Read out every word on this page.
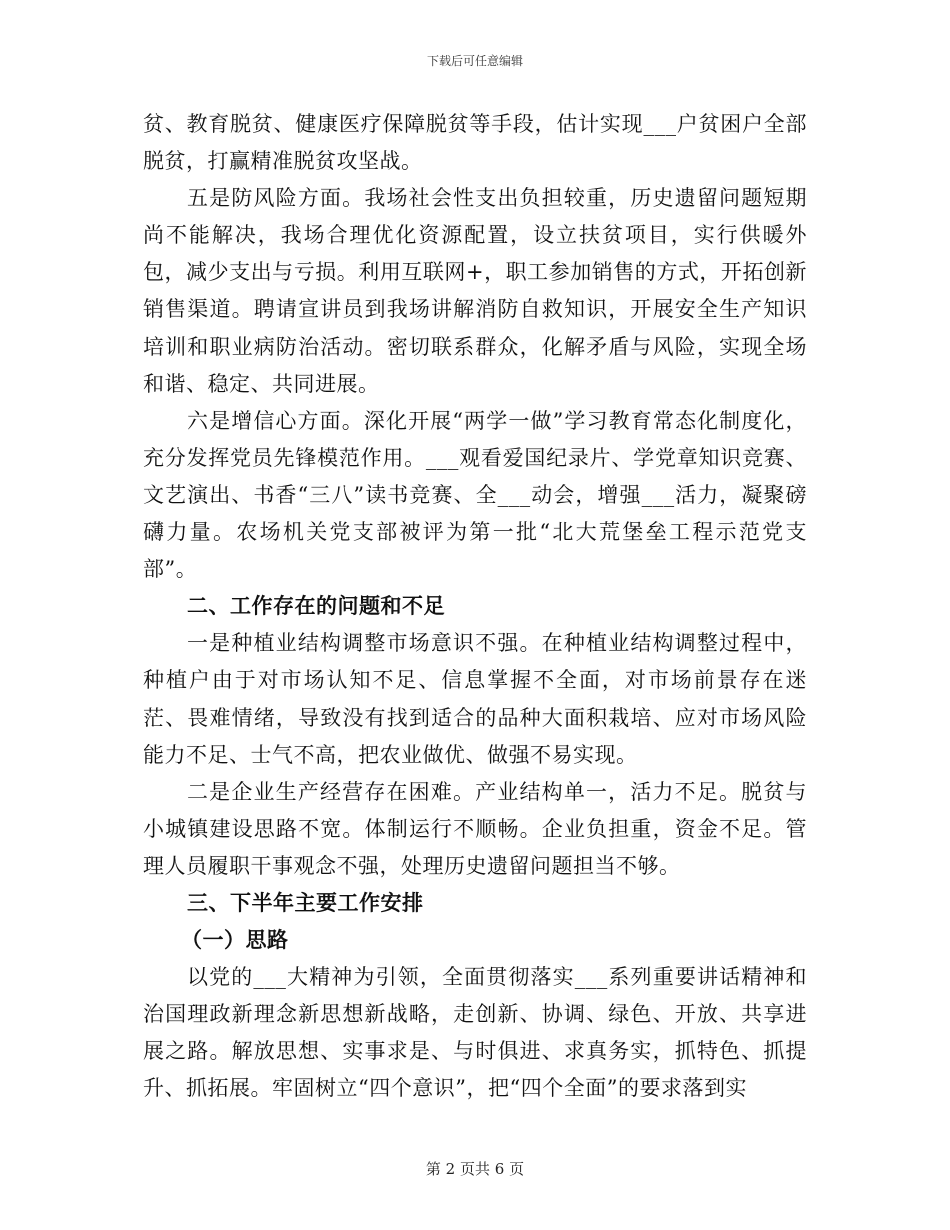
下载后可任意编辑

贫、教育脱贫、健康医疗保障脱贫等手段，估计实现___户贫困户全部脱贫，打赢精准脱贫攻坚战。

五是防风险方面。我场社会性支出负担较重，历史遗留问题短期尚不能解决，我场合理优化资源配置，设立扶贫项目，实行供暖外包，减少支出与亏损。利用互联网+，职工参加销售的方式，开拓创新销售渠道。聘请宣讲员到我场讲解消防自救知识，开展安全生产知识培训和职业病防治活动。密切联系群众，化解矛盾与风险，实现全场和谐、稳定、共同进展。

六是增信心方面。深化开展“两学一做”学习教育常态化制度化，充分发挥党员先锋模范作用。___观看爱国纪录片、学党章知识竞赛、文艺演出、书香“三八”读书竞赛、全___动会，增强___活力，凝聚磅礴力量。农场机关党支部被评为第一批“北大荒堡垒工程示范党支部”。

二、工作存在的问题和不足

一是种植业结构调整市场意识不强。在种植业结构调整过程中，种植户由于对市场认知不足、信息掌握不全面，对市场前景存在迷茫、畏难情绪，导致没有找到适合的品种大面积栽培、应对市场风险能力不足、士气不高，把农业做优、做强不易实现。

二是企业生产经营存在困难。产业结构单一，活力不足。脱贫与小城镇建设思路不宽。体制运行不顺畅。企业负担重，资金不足。管理人员履职干事观念不强，处理历史遗留问题担当不够。

三、下半年主要工作安排

（一）思路

以党的___大精神为引领，全面贯彻落实___系列重要讲话精神和治国理政新理念新思想新战略，走创新、协调、绿色、开放、共享进展之路。解放思想、实事求是、与时俱进、求真务实，抓特色、抓提升、抓拓展。牢固树立“四个意识”，把“四个全面”的要求落到实

第 2 页共 6 页
